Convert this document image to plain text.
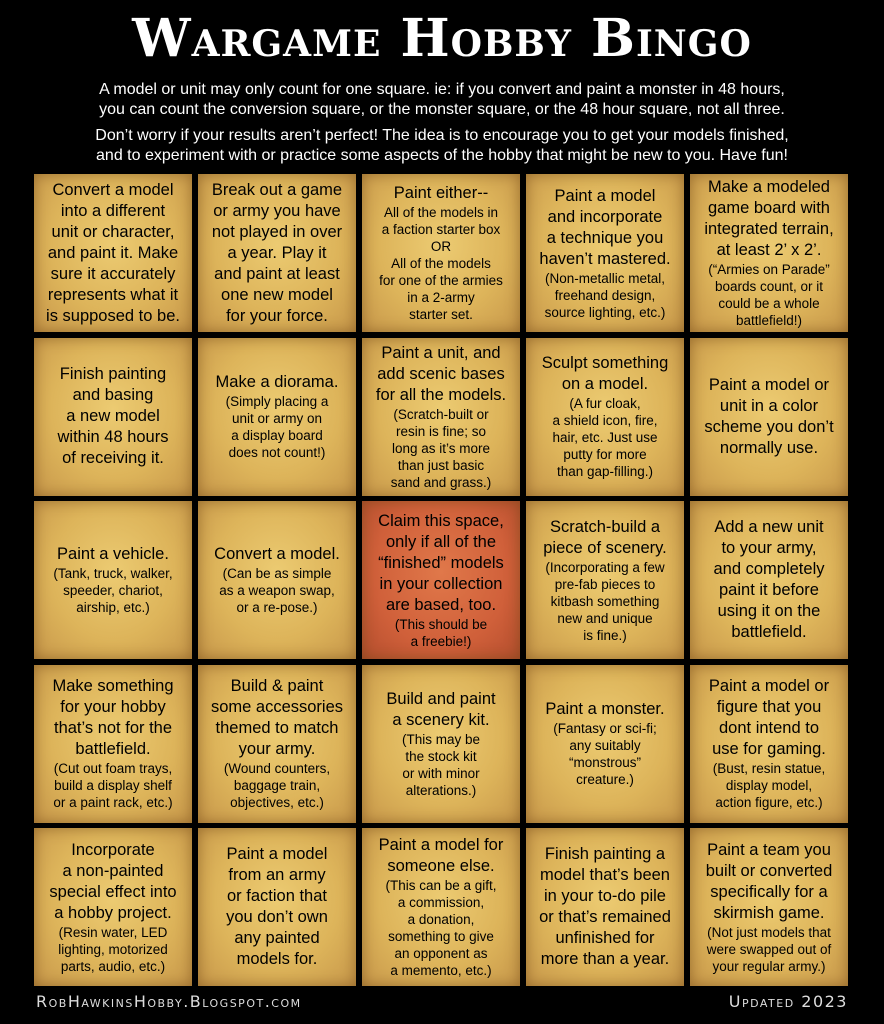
Wargame Hobby Bingo

A model or unit may only count for one square. ie: if you convert and paint a monster in 48 hours,
you can count the conversion square, or the monster square, or the 48 hour square, not all three.

Don’t worry if your results aren’t perfect! The idea is to encourage you to get your models finished,
and to experiment with or practice some aspects of the hobby that might be new to you. Have fun!

Convert a model
into a different
unit or character,
and paint it. Make
sure it accurately
represents what it
is supposed to be.
Break out a game
or army you have
not played in over
a year. Play it
and paint at least
one new model
for your force.
Paint either--
All of the models in
a faction starter box
OR
All of the models
for one of the armies
in a 2-army
starter set.
Paint a model
and incorporate
a technique you
haven’t mastered.
(Non-metallic metal,
freehand design,
source lighting, etc.)
Make a modeled
game board with
integrated terrain,
at least 2’ x 2’.
(“Armies on Parade”
boards count, or it
could be a whole
battlefield!)
Finish painting
and basing
a new model
within 48 hours
of receiving it.
Make a diorama.
(Simply placing a
unit or army on
a display board
does not count!)
Paint a unit, and
add scenic bases
for all the models.
(Scratch-built or
resin is fine; so
long as it’s more
than just basic
sand and grass.)
Sculpt something
on a model.
(A fur cloak,
a shield icon, fire,
hair, etc. Just use
putty for more
than gap-filling.)
Paint a model or
unit in a color
scheme you don’t
normally use.
Paint a vehicle.
(Tank, truck, walker,
speeder, chariot,
airship, etc.)
Convert a model.
(Can be as simple
as a weapon swap,
or a re-pose.)
Claim this space,
only if all of the
“finished” models
in your collection
are based, too.
(This should be
a freebie!)
Scratch-build a
piece of scenery.
(Incorporating a few
pre-fab pieces to
kitbash something
new and unique
is fine.)
Add a new unit
to your army,
and completely
paint it before
using it on the
battlefield.
Make something
for your hobby
that’s not for the
battlefield.
(Cut out foam trays,
build a display shelf
or a paint rack, etc.)
Build & paint
some accessories
themed to match
your army.
(Wound counters,
baggage train,
objectives, etc.)
Build and paint
a scenery kit.
(This may be
the stock kit
or with minor
alterations.)
Paint a monster.
(Fantasy or sci-fi;
any suitably
“monstrous”
creature.)
Paint a model or
figure that you
dont intend to
use for gaming.
(Bust, resin statue,
display model,
action figure, etc.)
Incorporate
a non-painted
special effect into
a hobby project.
(Resin water, LED
lighting, motorized
parts, audio, etc.)
Paint a model
from an army
or faction that
you don’t own
any painted
models for.
Paint a model for
someone else.
(This can be a gift,
a commission,
a donation,
something to give
an opponent as
a memento, etc.)
Finish painting a
model that’s been
in your to-do pile
or that’s remained
unfinished for
more than a year.
Paint a team you
built or converted
specifically for a
skirmish game.
(Not just models that
were swapped out of
your regular army.)
RobHawkinsHobby.Blogspot.com	Updated 2023
